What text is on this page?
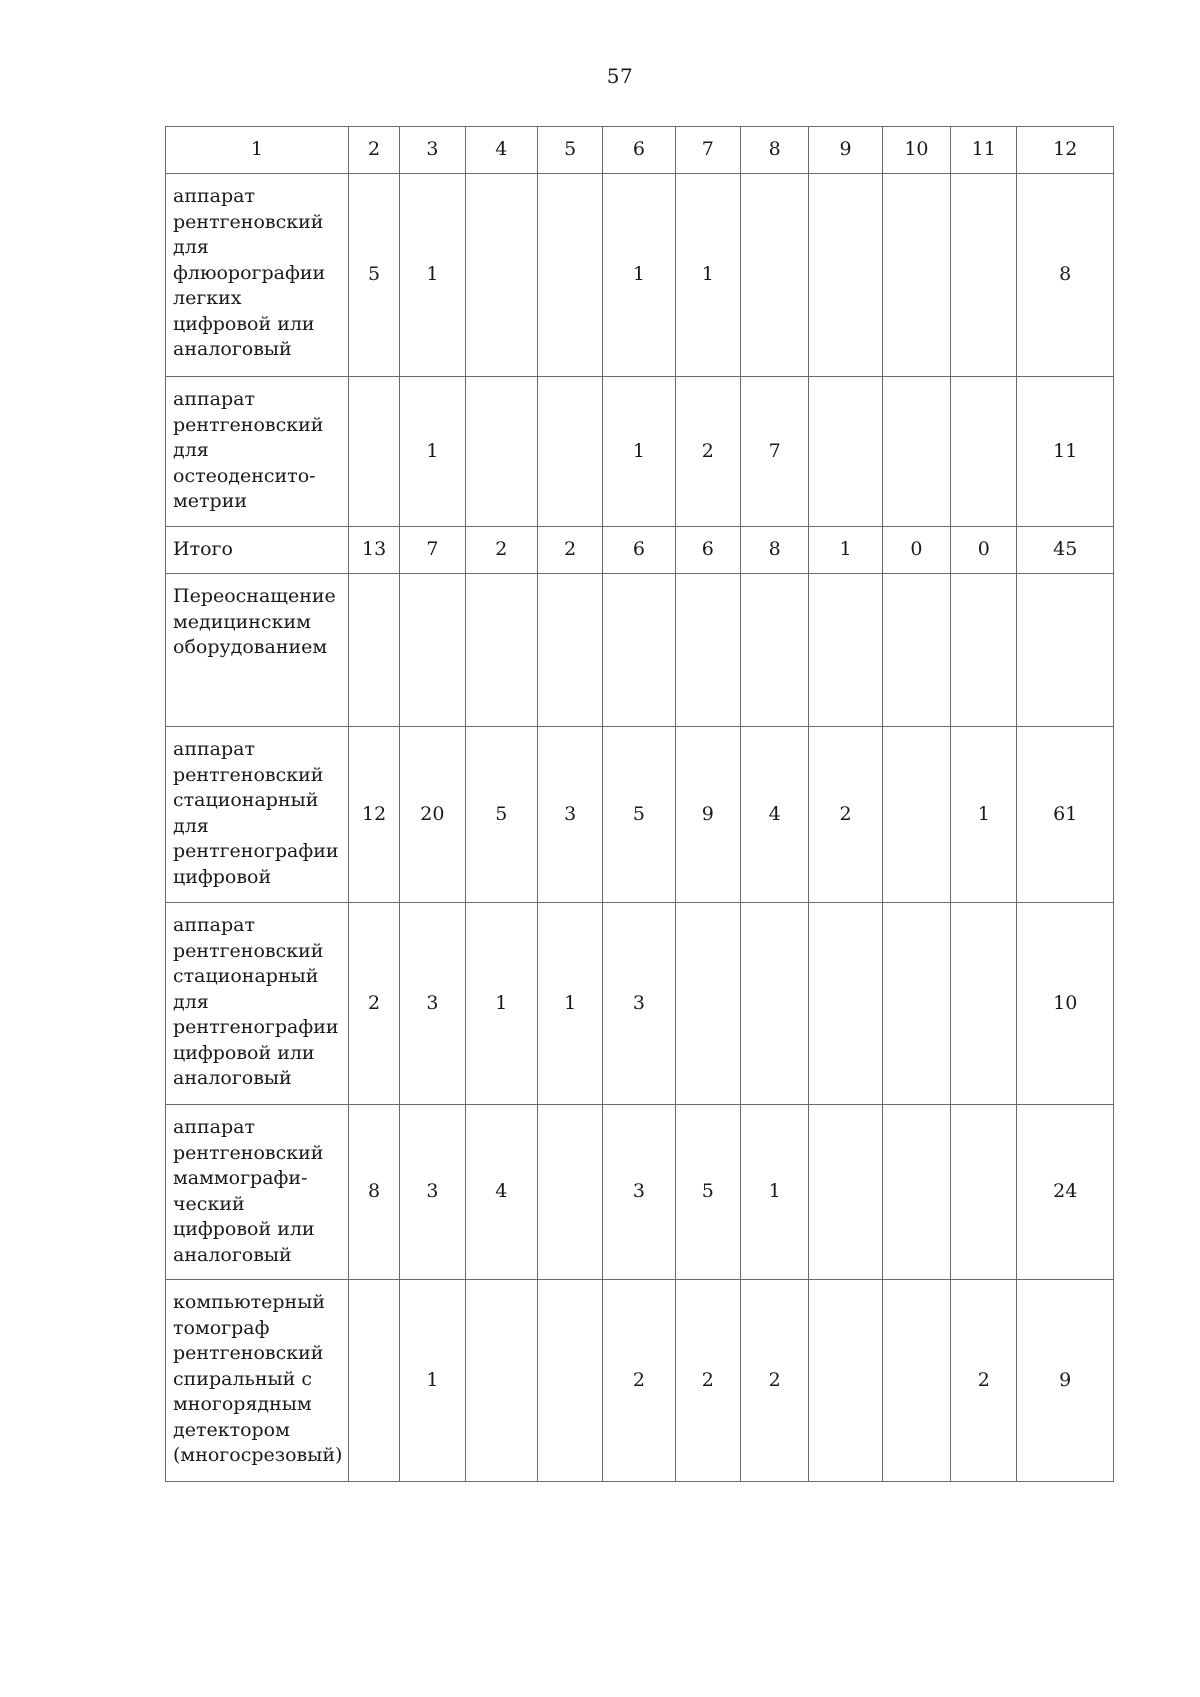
57
1	2	3	4	5	6	7	8	9	10	11	12
аппарат рентгеновский для флюорографии легких цифровой или аналоговый	5	1			1	1					8
аппарат рентгеновский для остеоденсито-метрии		1			1	2	7				11
Итого	13	7	2	2	6	6	8	1	0	0	45
Переоснащение медицинским оборудованием											
аппарат рентгеновский стационарный для рентгенографии цифровой	12	20	5	3	5	9	4	2		1	61
аппарат рентгеновский стационарный для рентгенографии цифровой или аналоговый	2	3	1	1	3						10
аппарат рентгеновский маммографи-ческий цифровой или аналоговый	8	3	4		3	5	1				24
компьютерный томограф рентгеновский спиральный с многорядным детектором (многосрезовый)		1			2	2	2			2	9
